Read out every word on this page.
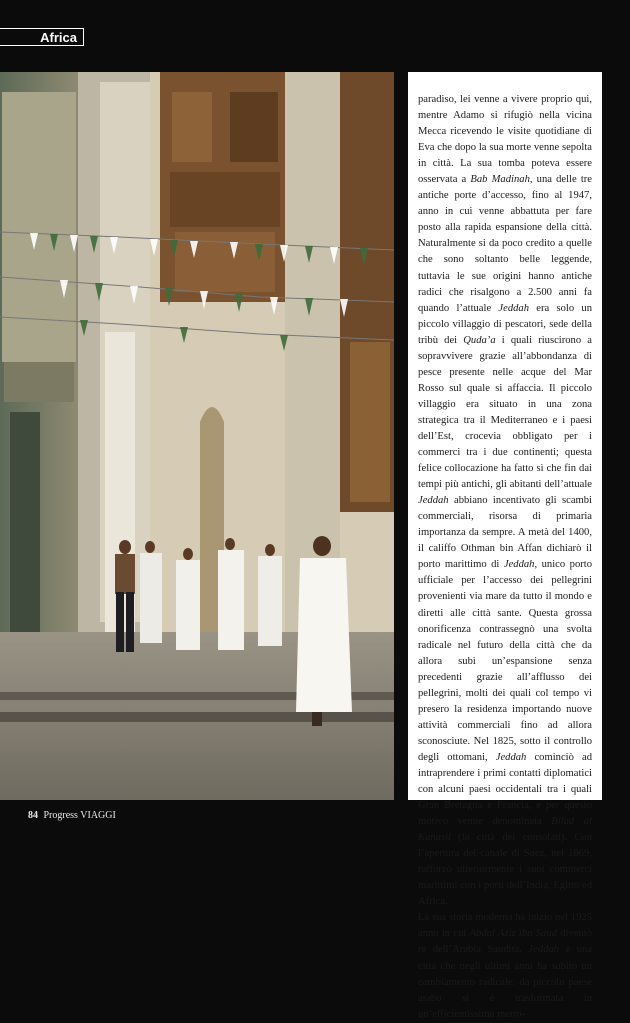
Africa

paradiso, lei venne a vivere proprio qui, mentre Adamo si rifugiò nella vicina Mecca ricevendo le visite quotidiane di Eva che dopo la sua morte venne sepolta in città. La sua tomba poteva essere osservata a Bab Madinah, una delle tre antiche porte d’accesso, fino al 1947, anno in cui venne abbattuta per fare posto alla rapida espansione della città. Naturalmente si da poco credito a quelle che sono soltanto belle leggende, tuttavia le sue origini hanno antiche radici che risalgono a 2.500 anni fa quando l’attuale Jeddah era solo un piccolo villaggio di pescatori, sede della tribù dei Quda’a i quali riuscirono a sopravvivere grazie all’abbondanza di pesce presente nelle acque del Mar Rosso sul quale si affaccia. Il piccolo villaggio era situato in una zona strategica tra il Mediterraneo e i paesi dell’Est, crocevia obbligato per i commerci tra i due continenti; questa felice collocazione ha fatto sì che fin dai tempi più antichi, gli abitanti dell’attuale Jeddah abbiano incentivato gli scambi commerciali, risorsa di primaria importanza da sempre. A metà del 1400, il califfo Othman bin Affan dichiarò il porto marittimo di Jeddah, unico porto ufficiale per l’accesso dei pellegrini provenienti via mare da tutto il mondo e diretti alle città sante. Questa grossa onorificenza contrassegnò una svolta radicale nel futuro della città che da allora subì un’espansione senza precedenti grazie all’afflusso dei pellegrini, molti dei quali col tempo vi presero la residenza importando nuove attività commerciali fino ad allora sconosciute. Nel 1825, sotto il controllo degli ottomani, Jeddah cominciò ad intraprendere i primi contatti diplomatici con alcuni paesi occidentali tra i quali Gran Bretagna e Francia, e per questo motivo venne denominata Bilad al Kanasil (la città dei consolati). Con l’apertura del canale di Suez, nel 1869, rafforzò ulteriormente i suoi commerci marittimi con i porti dell’India, Egitto ed Africa.

La sua storia moderna ha inizio nel 1925 anno in cui Abdul Aziz ibn Saud diventò re dell’Arabia Saudita. Jeddah è una città che negli ultimi anni ha subito un cambiamento radicale: da piccolo paese arabo si è trasformata in un’efficientissima metro-

84 Progress VIAGGI
